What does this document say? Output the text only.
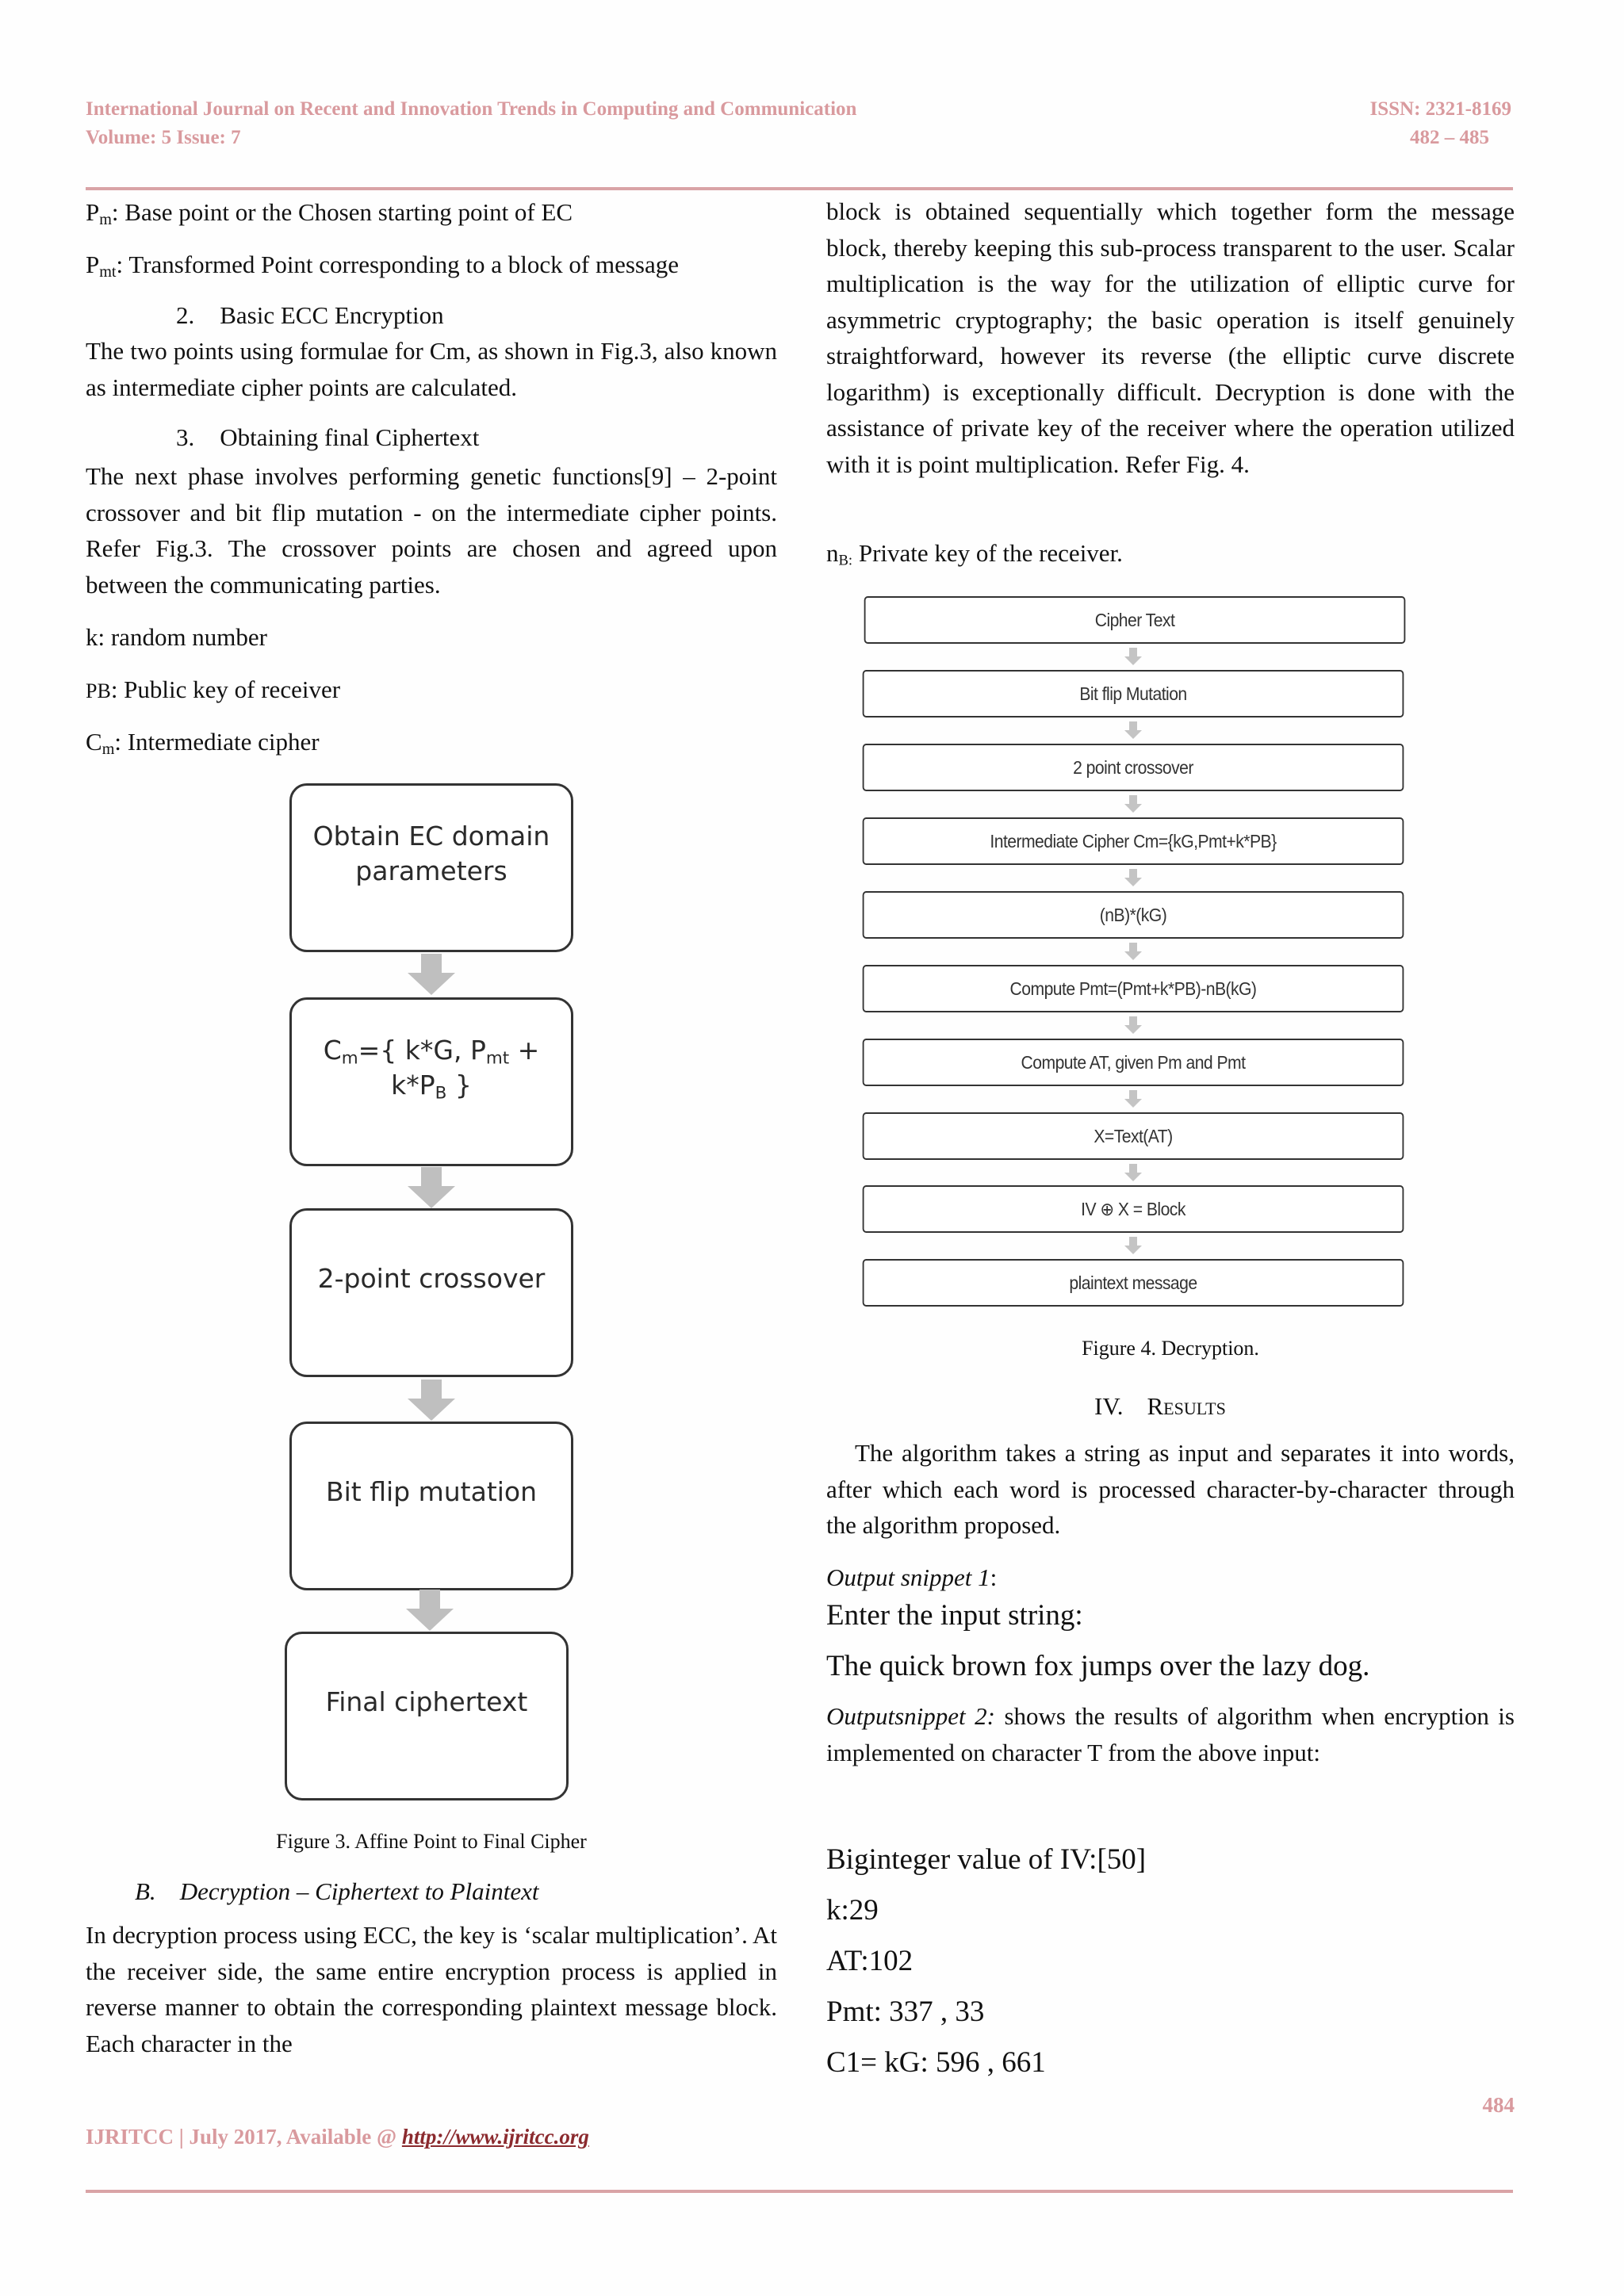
International Journal on Recent and Innovation Trends in Computing and Communication	ISSN: 2321-8169
Volume: 5 Issue: 7	482 – 485
$P_m$: Base point or the Chosen starting point of EC
$P_{mt}$: Transformed Point corresponding to a block of message
2. Basic ECC Encryption

The two points using formulae for Cm, as shown in Fig.3, also known as intermediate cipher points are calculated.

3. Obtaining final Ciphertext

The next phase involves performing genetic functions[9] – 2-point crossover and bit flip mutation - on the intermediate cipher points. Refer Fig.3. The crossover points are chosen and agreed upon between the communicating parties.

k: random number
PB: Public key of receiver
$C_m$: Intermediate cipher
Obtain EC domain parameters
$C_m=${ k*G, $P_{mt}$ +
$k*P_B$ }
2-point crossover
Bit flip mutation
Final ciphertext
Figure 3. Affine Point to Final Cipher
B. Decryption – Ciphertext to Plaintext

In decryption process using ECC, the key is ‘scalar multiplication’. At the receiver side, the same entire encryption process is applied in reverse manner to obtain the corresponding plaintext message block. Each character in the

block is obtained sequentially which together form the message block, thereby keeping this sub-process transparent to the user. Scalar multiplication is the way for the utilization of elliptic curve for asymmetric cryptography; the basic operation is itself genuinely straightforward, however its reverse (the elliptic curve discrete logarithm) is exceptionally difficult. Decryption is done with the assistance of private key of the receiver where the operation utilized with it is point multiplication. Refer Fig. 4.

$n_{B:}$ Private key of the receiver.
Cipher Text
Bit flip Mutation
2 point crossover
Intermediate Cipher Cm={kG,Pmt+k*PB}
(nB)*(kG)
Compute Pmt=(Pmt+k*PB)-nB(kG)
Compute AT, given Pm and Pmt
X=Text(AT)
IV ⊕ X = Block
plaintext message
Figure 4. Decryption.
IV. Results

The algorithm takes a string as input and separates it into words, after which each word is processed character-by-character through the algorithm proposed.

Output snippet 1:
Enter the input string:
The quick brown fox jumps over the lazy dog.

Outputsnippet 2: shows the results of algorithm when encryption is implemented on character T from the above input:

Biginteger value of IV:[50]
k:29
AT:102
Pmt: 337 , 33
C1= kG: 596 , 661
484
IJRITCC | July 2017, Available @ http://www.ijritcc.org
